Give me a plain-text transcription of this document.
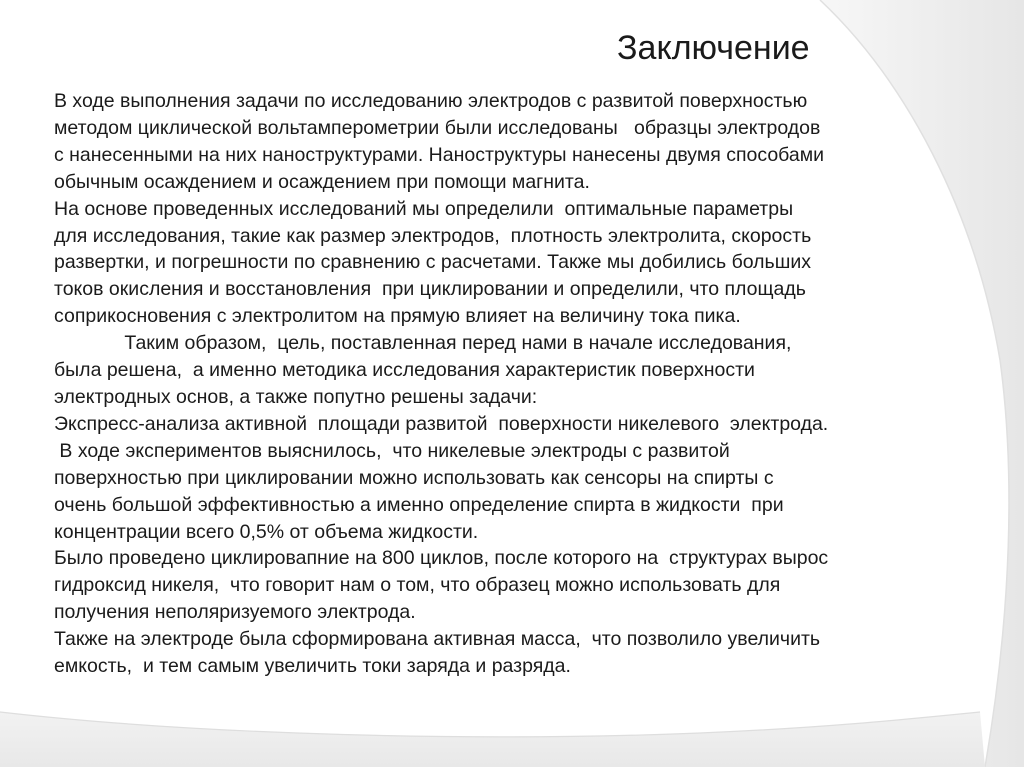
Заключение
В ходе выполнения задачи по исследованию электродов с развитой поверхностью
методом циклической вольтамперометрии были исследованы   образцы электродов
с нанесенными на них наноструктурами. Наноструктуры нанесены двумя способами
обычным осаждением и осаждением при помощи магнита.
На основе проведенных исследований мы определили  оптимальные параметры
для исследования, такие как размер электродов,  плотность электролита, скорость
развертки, и погрешности по сравнению с расчетами. Также мы добились больших
токов окисления и восстановления  при циклировании и определили, что площадь
соприкосновения с электролитом на прямую влияет на величину тока пика.
Таким образом,  цель, поставленная перед нами в начале исследования,
была решена,  а именно методика исследования характеристик поверхности
электродных основ, а также попутно решены задачи:
Экспресс-анализа активной  площади развитой  поверхности никелевого  электрода.
В ходе экспериментов выяснилось,  что никелевые электроды с развитой
поверхностью при циклировании можно использовать как сенсоры на спирты с
очень большой эффективностью а именно определение спирта в жидкости  при
концентрации всего 0,5% от объема жидкости.
Было проведено циклировапние на 800 циклов, после которого на  структурах вырос
гидроксид никеля,  что говорит нам о том, что образец можно использовать для
получения неполяризуемого электрода.
Также на электроде была сформирована активная масса,  что позволило увеличить
емкость,  и тем самым увеличить токи заряда и разряда.
